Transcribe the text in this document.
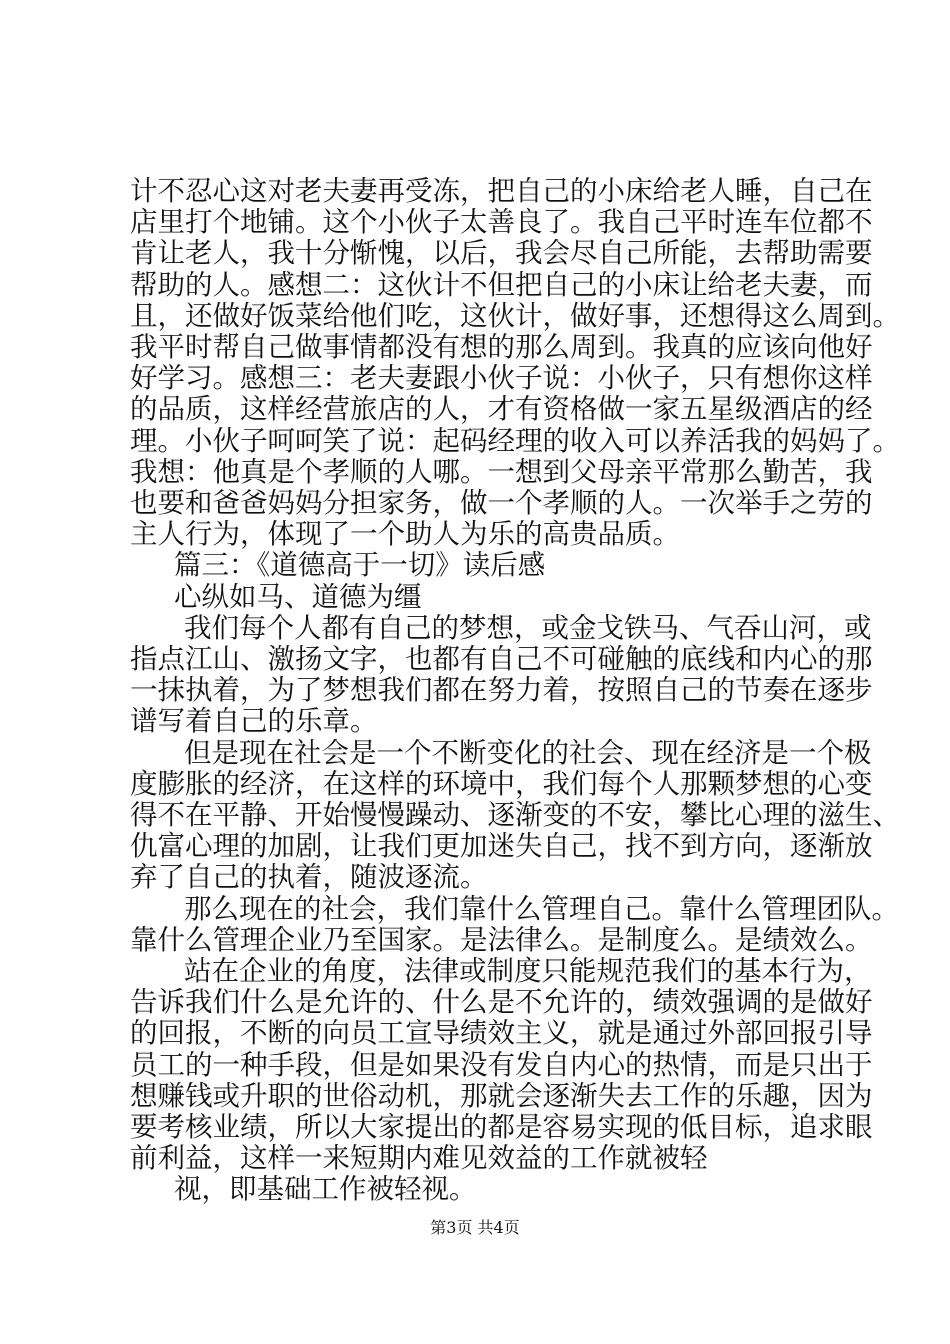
计不忍心这对老夫妻再受冻，把自己的小床给老人睡，自己在
店里打个地铺。这个小伙子太善良了。我自己平时连车位都不
肯让老人，我十分惭愧，以后，我会尽自己所能，去帮助需要
帮助的人。感想二：这伙计不但把自己的小床让给老夫妻，而
且，还做好饭菜给他们吃，这伙计，做好事，还想得这么周到。
我平时帮自己做事情都没有想的那么周到。我真的应该向他好
好学习。感想三：老夫妻跟小伙子说：小伙子，只有想你这样
的品质，这样经营旅店的人，才有资格做一家五星级酒店的经
理。小伙子呵呵笑了说：起码经理的收入可以养活我的妈妈了。
我想：他真是个孝顺的人哪。一想到父母亲平常那么勤苦，我
也要和爸爸妈妈分担家务，做一个孝顺的人。一次举手之劳的
主人行为，体现了一个助人为乐的高贵品质。
篇三：《道德高于一切》读后感
心纵如马、道德为缰
我们每个人都有自己的梦想，或金戈铁马、气吞山河，或
指点江山、激扬文字，也都有自己不可碰触的底线和内心的那
一抹执着，为了梦想我们都在努力着，按照自己的节奏在逐步
谱写着自己的乐章。
但是现在社会是一个不断变化的社会、现在经济是一个极
度膨胀的经济，在这样的环境中，我们每个人那颗梦想的心变
得不在平静、开始慢慢躁动、逐渐变的不安，攀比心理的滋生、
仇富心理的加剧，让我们更加迷失自己，找不到方向，逐渐放
弃了自己的执着，随波逐流。
那么现在的社会，我们靠什么管理自己。靠什么管理团队。
靠什么管理企业乃至国家。是法律么。是制度么。是绩效么。
站在企业的角度，法律或制度只能规范我们的基本行为，
告诉我们什么是允许的、什么是不允许的，绩效强调的是做好
的回报，不断的向员工宣导绩效主义，就是通过外部回报引导
员工的一种手段，但是如果没有发自内心的热情，而是只出于
想赚钱或升职的世俗动机，那就会逐渐失去工作的乐趣，因为
要考核业绩，所以大家提出的都是容易实现的低目标，追求眼
前利益，这样一来短期内难见效益的工作就被轻
视，即基础工作被轻视。
第3页 共4页
